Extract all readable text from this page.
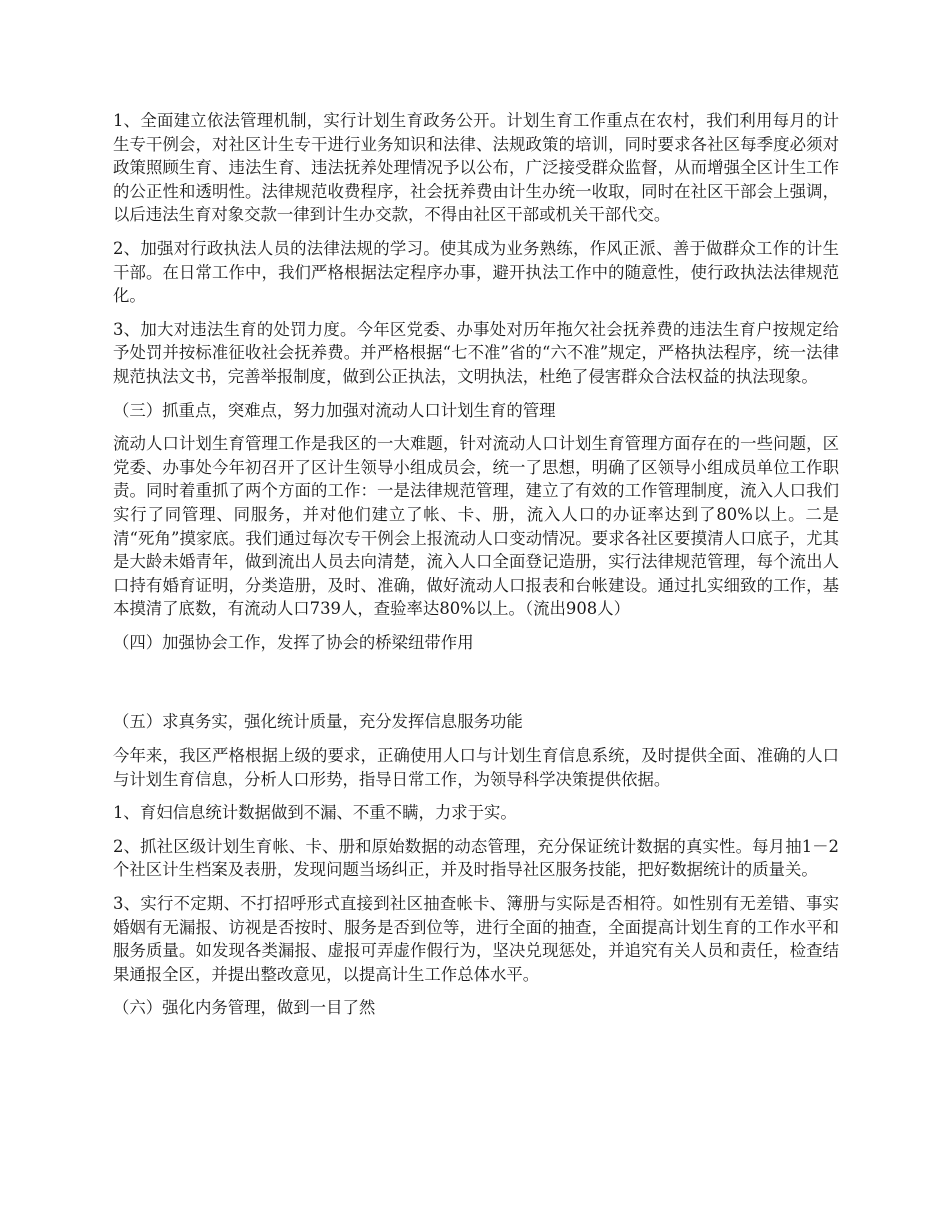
1、全面建立依法管理机制，实行计划生育政务公开。计划生育工作重点在农村，我们利用每月的计生专干例会，对社区计生专干进行业务知识和法律、法规政策的培训，同时要求各社区每季度必须对政策照顾生育、违法生育、违法抚养处理情况予以公布，广泛接受群众监督，从而增强全区计生工作的公正性和透明性。法律规范收费程序，社会抚养费由计生办统一收取，同时在社区干部会上强调，以后违法生育对象交款一律到计生办交款，不得由社区干部或机关干部代交。

2、加强对行政执法人员的法律法规的学习。使其成为业务熟练，作风正派、善于做群众工作的计生干部。在日常工作中，我们严格根据法定程序办事，避开执法工作中的随意性，使行政执法法律规范化。

3、加大对违法生育的处罚力度。今年区党委、办事处对历年拖欠社会抚养费的违法生育户按规定给予处罚并按标准征收社会抚养费。并严格根据“七不准”省的“六不准”规定，严格执法程序，统一法律规范执法文书，完善举报制度，做到公正执法，文明执法，杜绝了侵害群众合法权益的执法现象。

（三）抓重点，突难点，努力加强对流动人口计划生育的管理

流动人口计划生育管理工作是我区的一大难题，针对流动人口计划生育管理方面存在的一些问题，区党委、办事处今年初召开了区计生领导小组成员会，统一了思想，明确了区领导小组成员单位工作职责。同时着重抓了两个方面的工作：一是法律规范管理，建立了有效的工作管理制度，流入人口我们实行了同管理、同服务，并对他们建立了帐、卡、册，流入人口的办证率达到了80%以上。二是清“死角”摸家底。我们通过每次专干例会上报流动人口变动情况。要求各社区要摸清人口底子，尤其是大龄未婚青年，做到流出人员去向清楚，流入人口全面登记造册，实行法律规范管理，每个流出人口持有婚育证明，分类造册，及时、准确，做好流动人口报表和台帐建设。通过扎实细致的工作，基本摸清了底数，有流动人口739人，查验率达80%以上。（流出908人）

（四）加强协会工作，发挥了协会的桥梁纽带作用

（五）求真务实，强化统计质量，充分发挥信息服务功能

今年来，我区严格根据上级的要求，正确使用人口与计划生育信息系统，及时提供全面、准确的人口与计划生育信息，分析人口形势，指导日常工作，为领导科学决策提供依据。

1、育妇信息统计数据做到不漏、不重不瞒，力求于实。

2、抓社区级计划生育帐、卡、册和原始数据的动态管理，充分保证统计数据的真实性。每月抽1－2个社区计生档案及表册，发现问题当场纠正，并及时指导社区服务技能，把好数据统计的质量关。

3、实行不定期、不打招呼形式直接到社区抽查帐卡、簿册与实际是否相符。如性别有无差错、事实婚姻有无漏报、访视是否按时、服务是否到位等，进行全面的抽查，全面提高计划生育的工作水平和服务质量。如发现各类漏报、虚报可弄虚作假行为，坚决兑现惩处，并追究有关人员和责任，检查结果通报全区，并提出整改意见，以提高计生工作总体水平。

（六）强化内务管理，做到一目了然
